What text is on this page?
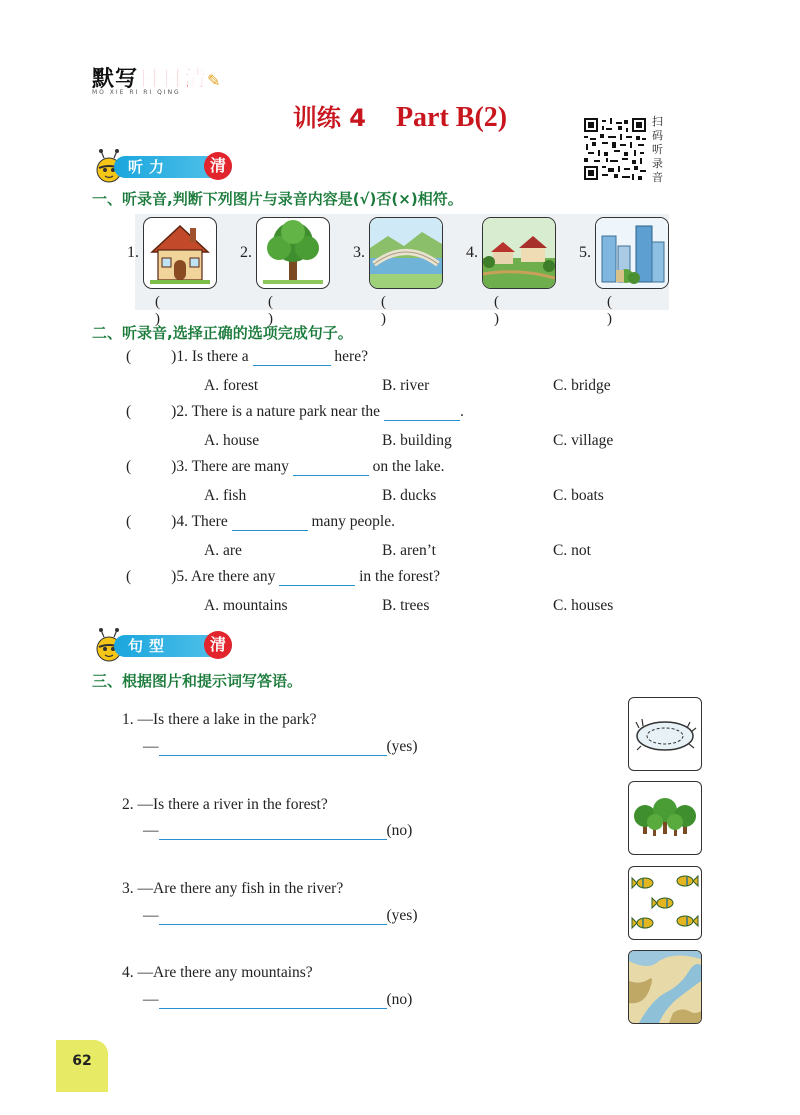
默写日日清✎
MO XIE RI RI QING
训练 4 Part B(2)	扫码听录音
听力	清
一、听录音,判断下列图片与录音内容是(√)否(×)相符。
1.
( )
2.
( )
3.
( )
4.
( )
5.
( )
二、听录音,选择正确的选项完成句子。
(	)1. Is there a	here?
A. forest	B. river	C. bridge
(	)2. There is a nature park near the	.
A. house	B. building	C. village
(	)3. There are many	on the lake.
A. fish	B. ducks	C. boats
(	)4. There	many people.
A. are	B. aren’t	C. not
(	)5. Are there any	in the forest?
A. mountains	B. trees	C. houses
句型	清
三、根据图片和提示词写答语。
1. —Is there a lake in the park?
—	(yes)
2. —Is there a river in the forest?
—	(no)
3. —Are there any fish in the river?
—	(yes)
4. —Are there any mountains?
—	(no)
62
